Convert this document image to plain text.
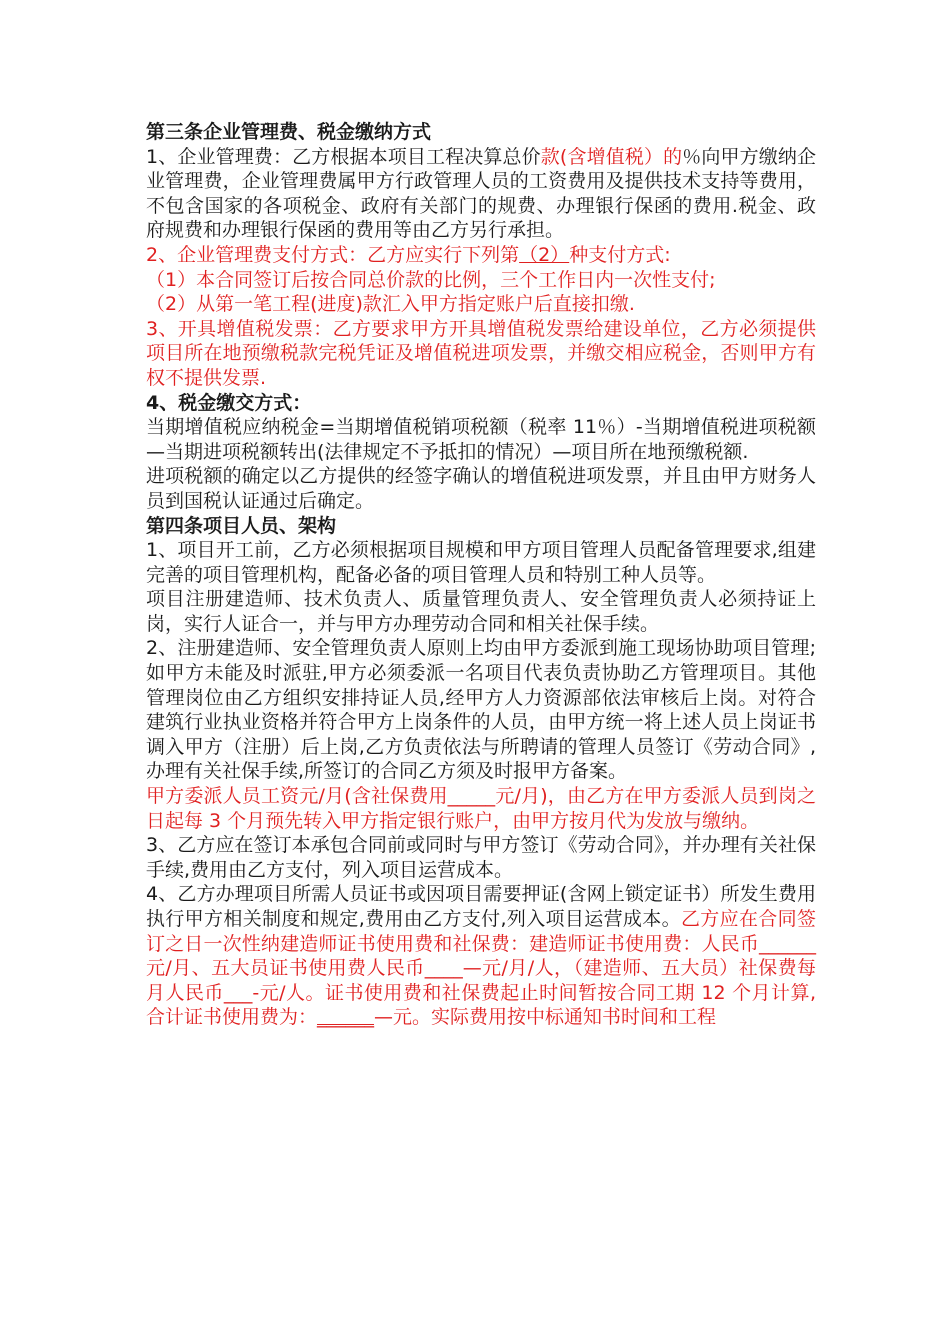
第三条企业管理费、税金缴纳方式

1、企业管理费：乙方根据本项目工程决算总价款(含增值税）的％向甲方缴纳企业管理费，企业管理费属甲方行政管理人员的工资费用及提供技术支持等费用，不包含国家的各项税金、政府有关部门的规费、办理银行保函的费用.税金、政府规费和办理银行保函的费用等由乙方另行承担。

2、企业管理费支付方式：乙方应实行下列第（2）种支付方式:

（1）本合同签订后按合同总价款的比例，三个工作日内一次性支付;

（2）从第一笔工程(进度)款汇入甲方指定账户后直接扣缴.

3、开具增值税发票：乙方要求甲方开具增值税发票给建设单位，乙方必须提供项目所在地预缴税款完税凭证及增值税进项发票，并缴交相应税金，否则甲方有权不提供发票.

4、税金缴交方式：

当期增值税应纳税金=当期增值税销项税额（税率 11％）-当期增值税进项税额—当期进项税额转出(法律规定不予抵扣的情况）—项目所在地预缴税额.

进项税额的确定以乙方提供的经签字确认的增值税进项发票，并且由甲方财务人员到国税认证通过后确定。

第四条项目人员、架构

1、项目开工前，乙方必须根据项目规模和甲方项目管理人员配备管理要求,组建完善的项目管理机构，配备必备的项目管理人员和特别工种人员等。

项目注册建造师、技术负责人、质量管理负责人、安全管理负责人必须持证上岗，实行人证合一，并与甲方办理劳动合同和相关社保手续。

2、注册建造师、安全管理负责人原则上均由甲方委派到施工现场协助项目管理;如甲方未能及时派驻,甲方必须委派一名项目代表负责协助乙方管理项目。其他管理岗位由乙方组织安排持证人员,经甲方人力资源部依法审核后上岗。对符合建筑行业执业资格并符合甲方上岗条件的人员，由甲方统一将上述人员上岗证书调入甲方（注册）后上岗,乙方负责依法与所聘请的管理人员签订《劳动合同》,办理有关社保手续,所签订的合同乙方须及时报甲方备案。

甲方委派人员工资元/月(含社保费用_____元/月)，由乙方在甲方委派人员到岗之日起每 3 个月预先转入甲方指定银行账户，由甲方按月代为发放与缴纳。

3、乙方应在签订本承包合同前或同时与甲方签订《劳动合同》，并办理有关社保手续,费用由乙方支付，列入项目运营成本。

4、乙方办理项目所需人员证书或因项目需要押证(含网上锁定证书）所发生费用执行甲方相关制度和规定,费用由乙方支付,列入项目运营成本。乙方应在合同签订之日一次性纳建造师证书使用费和社保费：建造师证书使用费：人民币______ 元/月、五大员证书使用费人民币____—元/月/人，（建造师、五大员）社保费每月人民币___-元/人。证书使用费和社保费起止时间暂按合同工期 12 个月计算,合计证书使用费为：______—元。实际费用按中标通知书时间和工程
